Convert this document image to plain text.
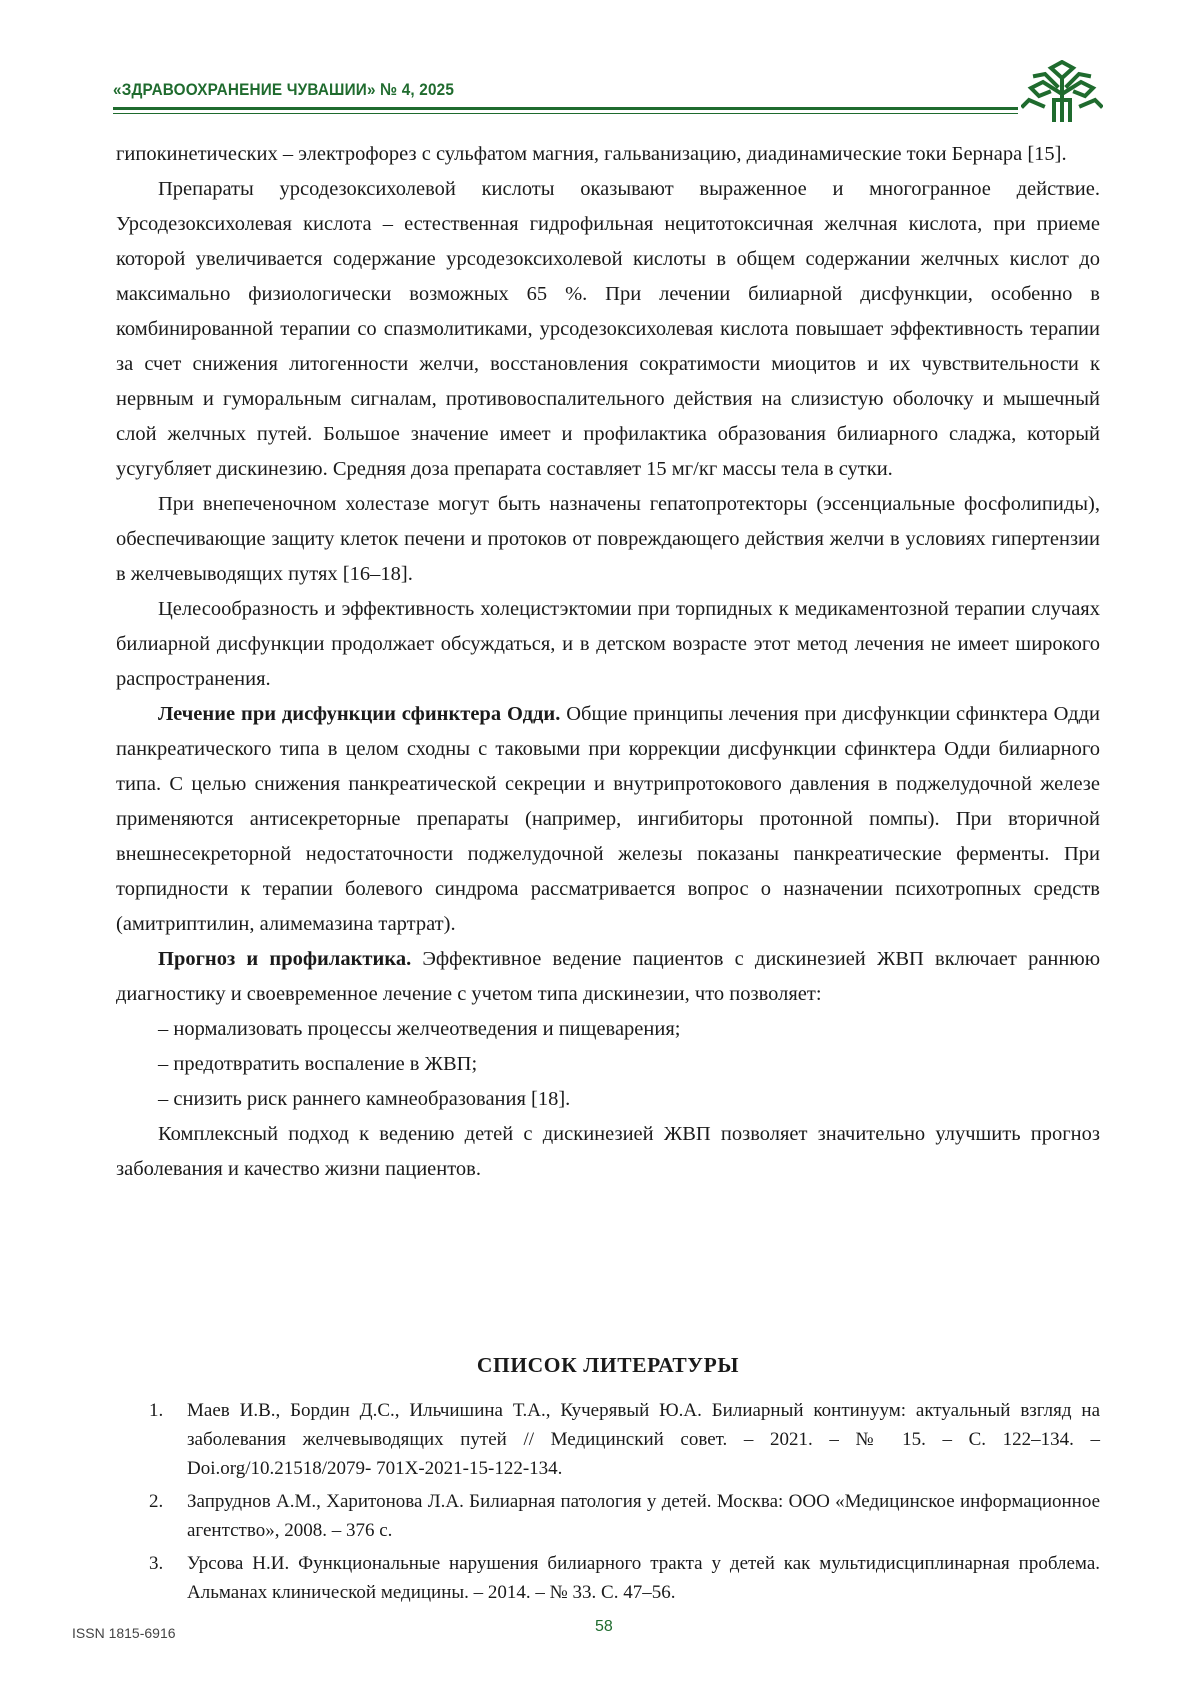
«ЗДРАВООХРАНЕНИЕ ЧУВАШИИ» № 4, 2025

гипокинетических – электрофорез с сульфатом магния, гальванизацию, диадинамические токи Бернара [15].

Препараты урсодезоксихолевой кислоты оказывают выраженное и многогранное действие. Урсодезоксихолевая кислота – естественная гидрофильная нецитотоксичная желчная кислота, при приеме которой увеличивается содержание урсодезоксихолевой кислоты в общем содержании желчных кислот до максимально физиологически возможных 65 %. При лечении билиарной дисфункции, особенно в комбинированной терапии со спазмолитиками, урсодезоксихолевая кислота повышает эффективность терапии за счет снижения литогенности желчи, восстановления сократимости миоцитов и их чувствительности к нервным и гуморальным сигналам, противовоспалительного действия на слизистую оболочку и мышечный слой желчных путей. Большое значение имеет и профилактика образования билиарного сладжа, который усугубляет дискинезию. Средняя доза препарата составляет 15 мг/кг массы тела в сутки.

При внепеченочном холестазе могут быть назначены гепатопротекторы (эссенциальные фосфолипиды), обеспечивающие защиту клеток печени и протоков от повреждающего действия желчи в условиях гипертензии в желчевыводящих путях [16–18].

Целесообразность и эффективность холецистэктомии при торпидных к медикаментозной терапии случаях билиарной дисфункции продолжает обсуждаться, и в детском возрасте этот метод лечения не имеет широкого распространения.

Лечение при дисфункции сфинктера Одди. Общие принципы лечения при дисфункции сфинктера Одди панкреатического типа в целом сходны с таковыми при коррекции дисфункции сфинктера Одди билиарного типа. С целью снижения панкреатической секреции и внутрипротокового давления в поджелудочной железе применяются антисекреторные препараты (например, ингибиторы протонной помпы). При вторичной внешнесекреторной недостаточности поджелудочной железы показаны панкреатические ферменты. При торпидности к терапии болевого синдрома рассматривается вопрос о назначении психотропных средств (амитриптилин, алимемазина тартрат).

Прогноз и профилактика. Эффективное ведение пациентов с дискинезией ЖВП включает раннюю диагностику и своевременное лечение с учетом типа дискинезии, что позволяет:

– нормализовать процессы желчеотведения и пищеварения;

– предотвратить воспаление в ЖВП;

– снизить риск раннего камнеобразования [18].

Комплексный подход к ведению детей с дискинезией ЖВП позволяет значительно улучшить прогноз заболевания и качество жизни пациентов.

СПИСОК ЛИТЕРАТУРЫ
1. Маев И.В., Бордин Д.С., Ильчишина Т.А., Кучерявый Ю.А. Билиарный континуум: актуальный взгляд на заболевания желчевыводящих путей // Медицинский совет. – 2021. – № 15. – С. 122–134. – Doi.org/10.21518/2079- 701X-2021-15-122-134.
2. Запруднов А.М., Харитонова Л.А. Билиарная патология у детей. Москва: ООО «Медицинское информационное агентство», 2008. – 376 с.
3. Урсова Н.И. Функциональные нарушения билиарного тракта у детей как мультидисциплинарная проблема. Альманах клинической медицины. – 2014. – № 33. С. 47–56.
ISSN 1815-6916	58
